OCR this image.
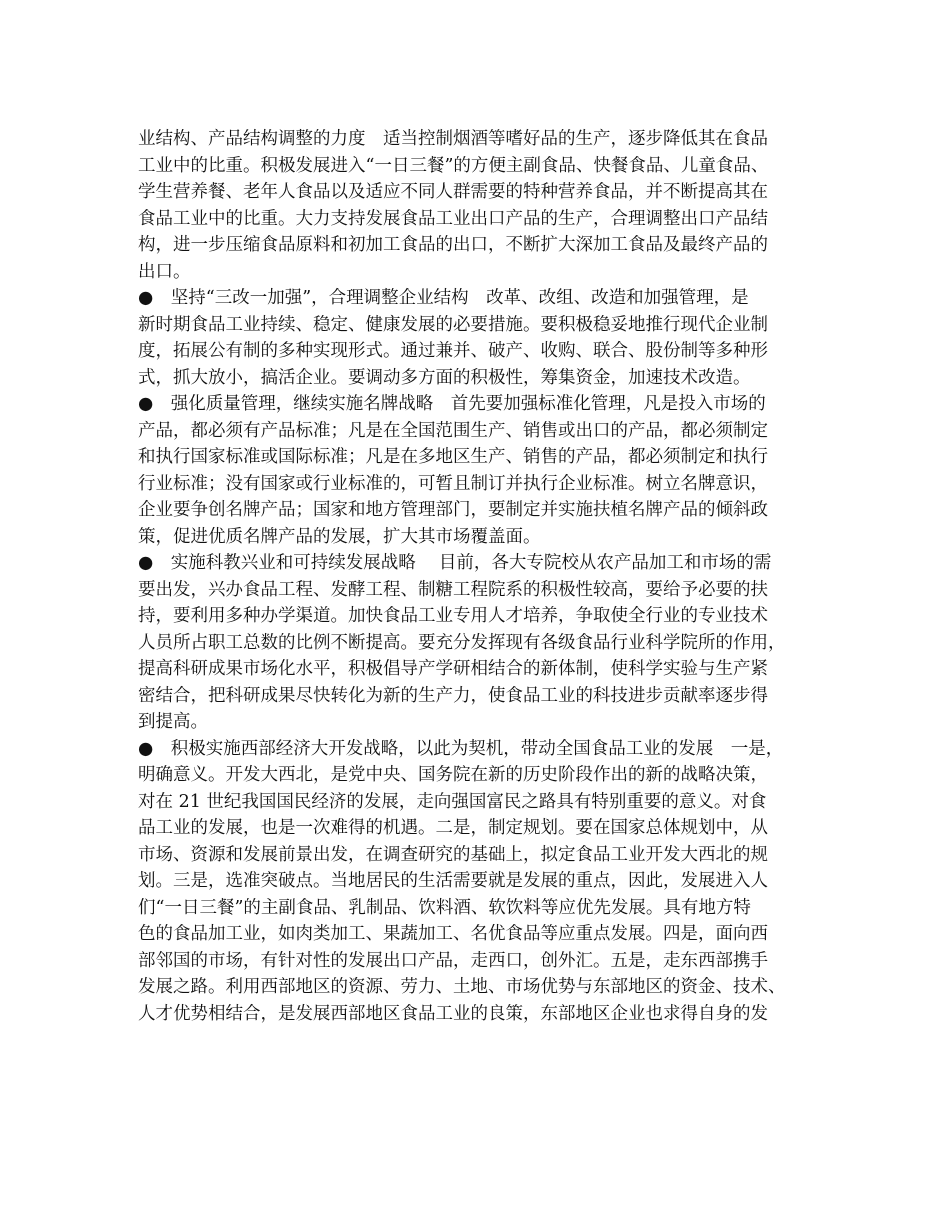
业结构、产品结构调整的力度　适当控制烟酒等嗜好品的生产，逐步降低其在食品
工业中的比重。积极发展进入“一日三餐”的方便主副食品、快餐食品、儿童食品、
学生营养餐、老年人食品以及适应不同人群需要的特种营养食品，并不断提高其在
食品工业中的比重。大力支持发展食品工业出口产品的生产，合理调整出口产品结
构，进一步压缩食品原料和初加工食品的出口，不断扩大深加工食品及最终产品的
出口。
●　坚持“三改一加强”，合理调整企业结构　改革、改组、改造和加强管理，是
新时期食品工业持续、稳定、健康发展的必要措施。要积极稳妥地推行现代企业制
度，拓展公有制的多种实现形式。通过兼并、破产、收购、联合、股份制等多种形
式，抓大放小，搞活企业。要调动多方面的积极性，筹集资金，加速技术改造。
●　强化质量管理，继续实施名牌战略　首先要加强标准化管理，凡是投入市场的
产品，都必须有产品标准；凡是在全国范围生产、销售或出口的产品，都必须制定
和执行国家标准或国际标准；凡是在多地区生产、销售的产品，都必须制定和执行
行业标准；没有国家或行业标准的，可暂且制订并执行企业标准。树立名牌意识，
企业要争创名牌产品；国家和地方管理部门，要制定并实施扶植名牌产品的倾斜政
策，促进优质名牌产品的发展，扩大其市场覆盖面。
●　实施科教兴业和可持续发展战略　 目前，各大专院校从农产品加工和市场的需
要出发，兴办食品工程、发酵工程、制糖工程院系的积极性较高，要给予必要的扶
持，要利用多种办学渠道。加快食品工业专用人才培养，争取使全行业的专业技术
人员所占职工总数的比例不断提高。要充分发挥现有各级食品行业科学院所的作用，
提高科研成果市场化水平，积极倡导产学研相结合的新体制，使科学实验与生产紧
密结合，把科研成果尽快转化为新的生产力，使食品工业的科技进步贡献率逐步得
到提高。
●　积极实施西部经济大开发战略，以此为契机，带动全国食品工业的发展　一是，
明确意义。开发大西北，是党中央、国务院在新的历史阶段作出的新的战略决策，
对在 21 世纪我国国民经济的发展，走向强国富民之路具有特别重要的意义。对食
品工业的发展，也是一次难得的机遇。二是，制定规划。要在国家总体规划中，从
市场、资源和发展前景出发，在调查研究的基础上，拟定食品工业开发大西北的规
划。三是，选准突破点。当地居民的生活需要就是发展的重点，因此，发展进入人
们“一日三餐”的主副食品、乳制品、饮料酒、软饮料等应优先发展。具有地方特
色的食品加工业，如肉类加工、果蔬加工、名优食品等应重点发展。四是，面向西
部邻国的市场，有针对性的发展出口产品，走西口，创外汇。五是，走东西部携手
发展之路。利用西部地区的资源、劳力、土地、市场优势与东部地区的资金、技术、
人才优势相结合，是发展西部地区食品工业的良策，东部地区企业也求得自身的发
